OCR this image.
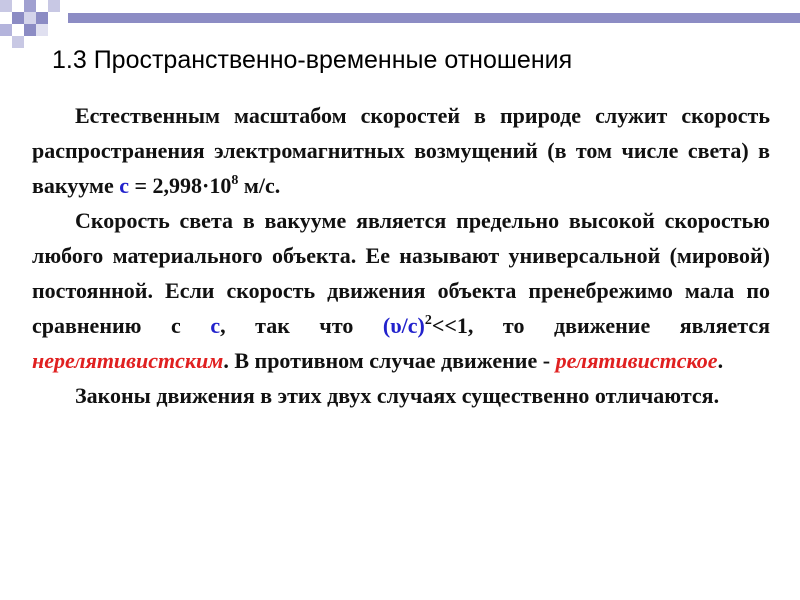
1.3 Пространственно-временные отношения

Естественным масштабом скоростей в природе служит скорость распространения электромагнитных возмущений (в том числе света) в вакууме $с = 2,998\cdot 10^8$ м/с.

Скорость света в вакууме является предельно высокой скоростью любого материального объекта. Ее называют универсальной (мировой) постоянной. Если скорость движения объекта пренебрежимо мала по сравнению с с, так что $(\upsilon/с)^2<<1$, то движение является нерелятивистским. В противном случае движение - релятивистское.

Законы движения в этих двух случаях существенно отличаются.
